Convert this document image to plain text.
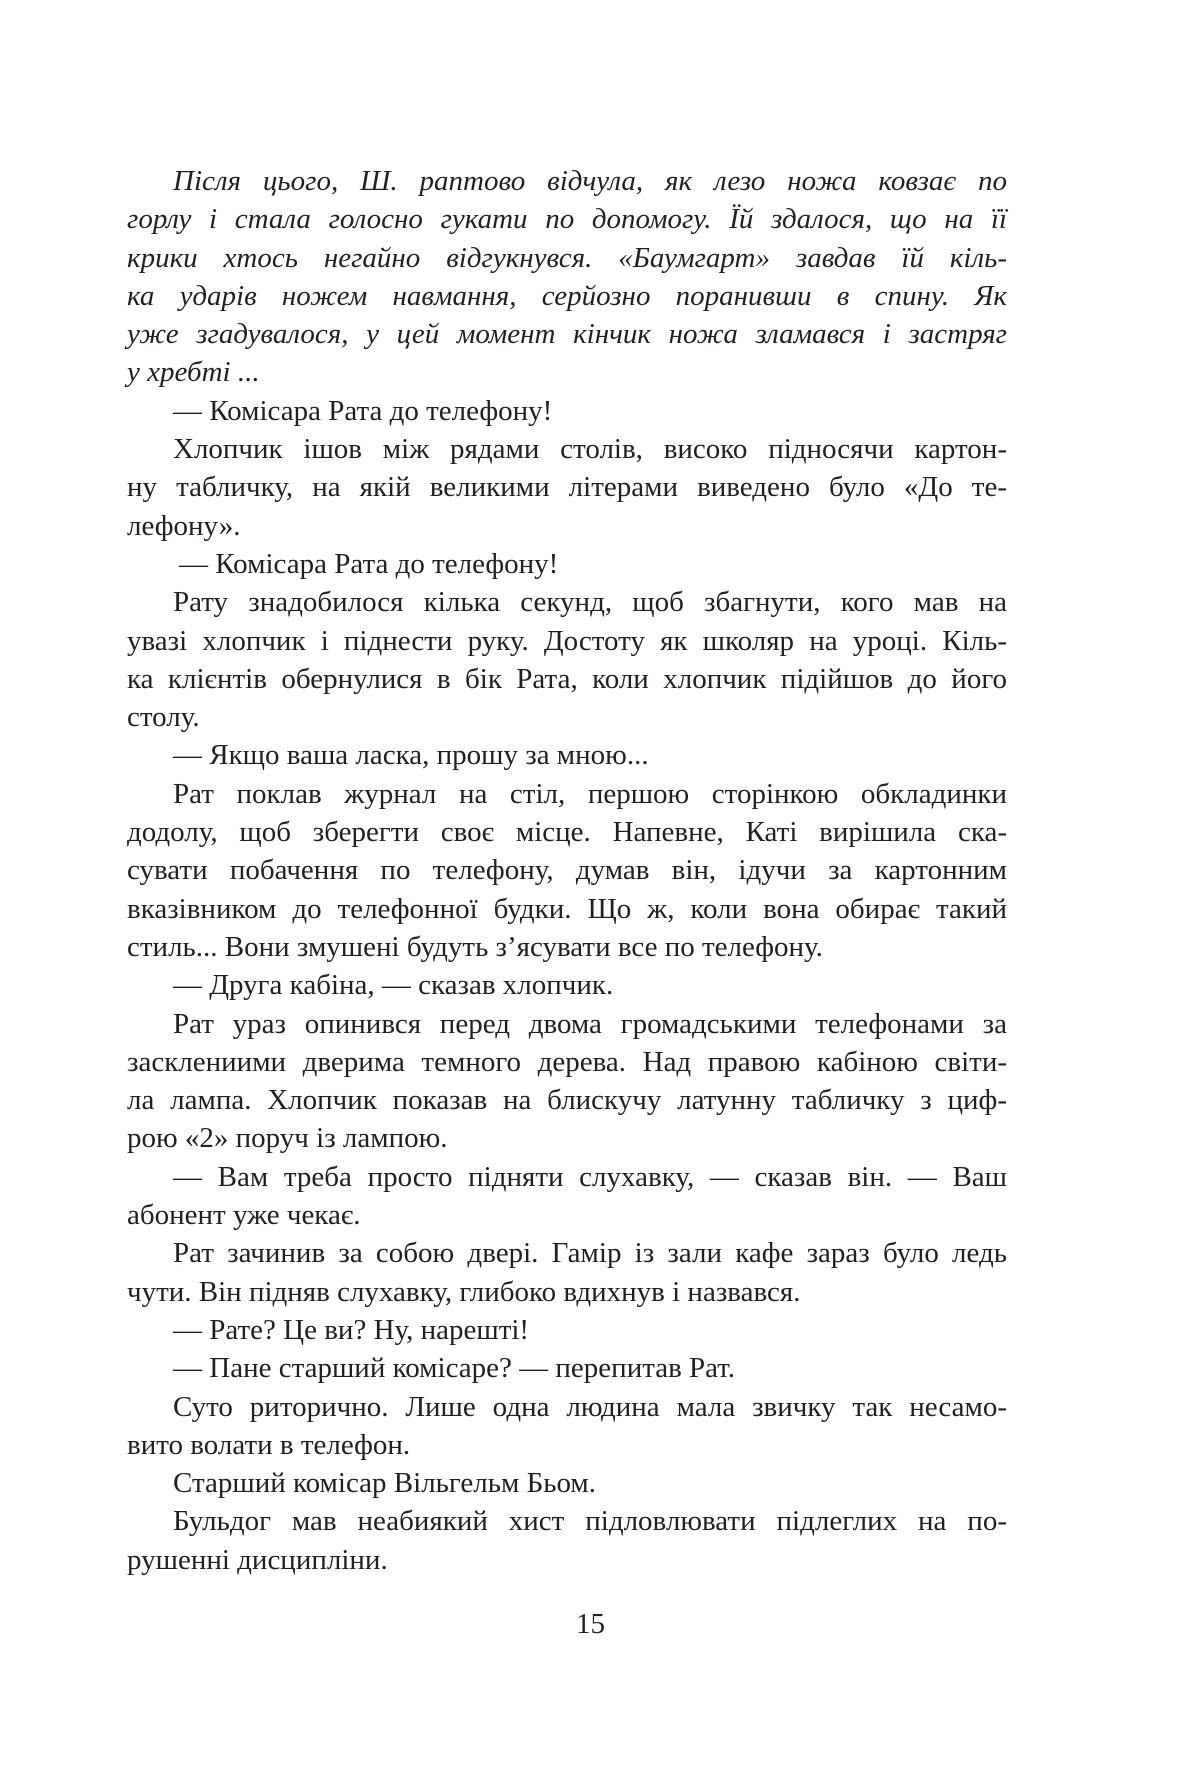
Після цього, Ш. раптово відчула, як лезо ножа ковзає по
горлу і стала голосно гукати по допомогу. Їй здалося, що на її
крики хтось негайно відгукнувся. «Баумгарт» завдав їй кіль-
ка ударів ножем навмання, серйозно поранивши в спину. Як
уже згадувалося, у цей момент кінчик ножа зламався і застряг
у хребті ...
— Комісара Рата до телефону!
Хлопчик ішов між рядами столів, високо підносячи картон-
ну табличку, на якій великими літерами виведено було «До те-
лефону».
— Комісара Рата до телефону!
Рату знадобилося кілька секунд, щоб збагнути, кого мав на
увазі хлопчик і піднести руку. Достоту як школяр на уроці. Кіль-
ка клієнтів обернулися в бік Рата, коли хлопчик підійшов до його
столу.
— Якщо ваша ласка, прошу за мною...
Рат поклав журнал на стіл, першою сторінкою обкладинки
додолу, щоб зберегти своє місце. Напевне, Каті вирішила ска-
сувати побачення по телефону, думав він, ідучи за картонним
вказівником до телефонної будки. Що ж, коли вона обирає такий
стиль... Вони змушені будуть з’ясувати все по телефону.
— Друга кабіна, — сказав хлопчик.
Рат ураз опинився перед двома громадськими телефонами за
засклениими дверима темного дерева. Над правою кабіною світи-
ла лампа. Хлопчик показав на блискучу латунну табличку з циф-
рою «2» поруч із лампою.
— Вам треба просто підняти слухавку, — сказав він. — Ваш
абонент уже чекає.
Рат зачинив за собою двері. Гамір із зали кафе зараз було ледь
чути. Він підняв слухавку, глибоко вдихнув і назвався.
— Рате? Це ви? Ну, нарешті!
— Пане старший комісаре? — перепитав Рат.
Суто риторично. Лише одна людина мала звичку так несамо-
вито волати в телефон.
Старший комісар Вільгельм Бьом.
Бульдог мав неабиякий хист підловлювати підлеглих на по-
рушенні дисципліни.
15
